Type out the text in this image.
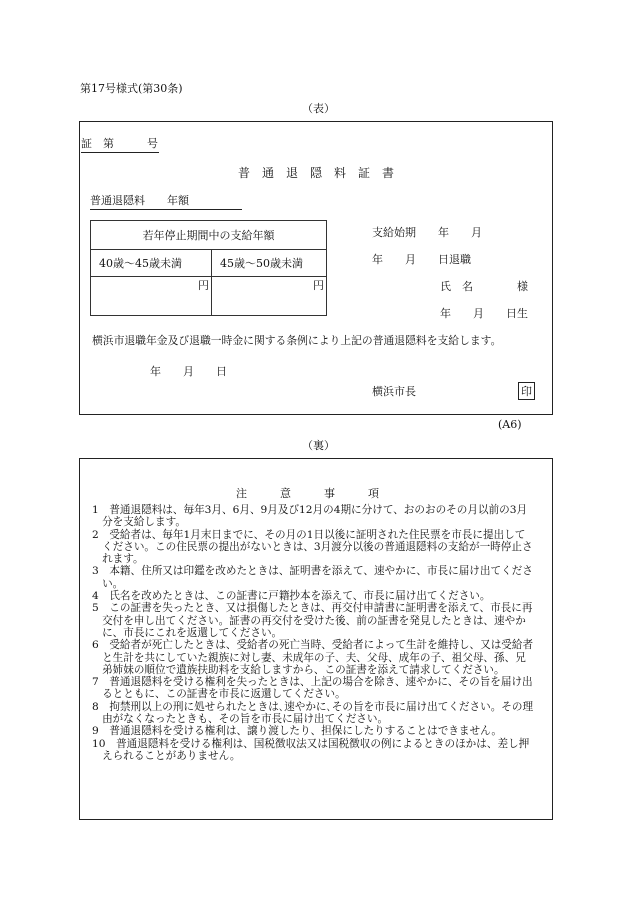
第17号様式(第30条)
（表）
証　第　　　号
普　通　退　隠　料　証　書
普通退隠料　　年額
若年停止期間中の支給年額	
40歳～45歳未満	45歳～50歳未満
円	円
支給始期　　年　　月
年　　月　　日退職
氏　名　　　　様
年　　月　　日生
横浜市退職年金及び退職一時金に関する条例により上記の普通退隠料を支給します。
年　　月　　日
横浜市長	印
(A6)
（裏）
注　　　意　　　事　　　項
1　普通退隠料は、毎年3月、6月、9月及び12月の4期に分けて、おのおのその月以前の3月分を支給します。
2　受給者は、毎年1月末日までに、その月の1日以後に証明された住民票を市長に提出してください。この住民票の提出がないときは、3月渡分以後の普通退隠料の支給が一時停止されます。
3　本籍、住所又は印鑑を改めたときは、証明書を添えて、速やかに、市長に届け出てください。
4　氏名を改めたときは、この証書に戸籍抄本を添えて、市長に届け出てください。
5　この証書を失ったとき、又は損傷したときは、再交付申請書に証明書を添えて、市長に再交付を申し出てください。証書の再交付を受けた後、前の証書を発見したときは、速やかに、市長にこれを返還してください。
6　受給者が死亡したときは、受給者の死亡当時、受給者によって生計を維持し、又は受給者と生計を共にしていた親族に対し妻、未成年の子、夫、父母、成年の子、祖父母、孫、兄弟姉妹の順位で遺族扶助料を支給しますから、この証書を添えて請求してください。
7　普通退隠料を受ける権利を失ったときは、上記の場合を除き、速やかに、その旨を届け出るとともに、この証書を市長に返還してください。
8　拘禁刑以上の刑に処せられたときは､速やかに､その旨を市長に届け出てください。その理由がなくなったときも、その旨を市長に届け出てください。
9　普通退隠料を受ける権利は、譲り渡したり、担保にしたりすることはできません。
10　普通退隠料を受ける権利は、国税徴収法又は国税徴収の例によるときのほかは、差し押えられることがありません。
